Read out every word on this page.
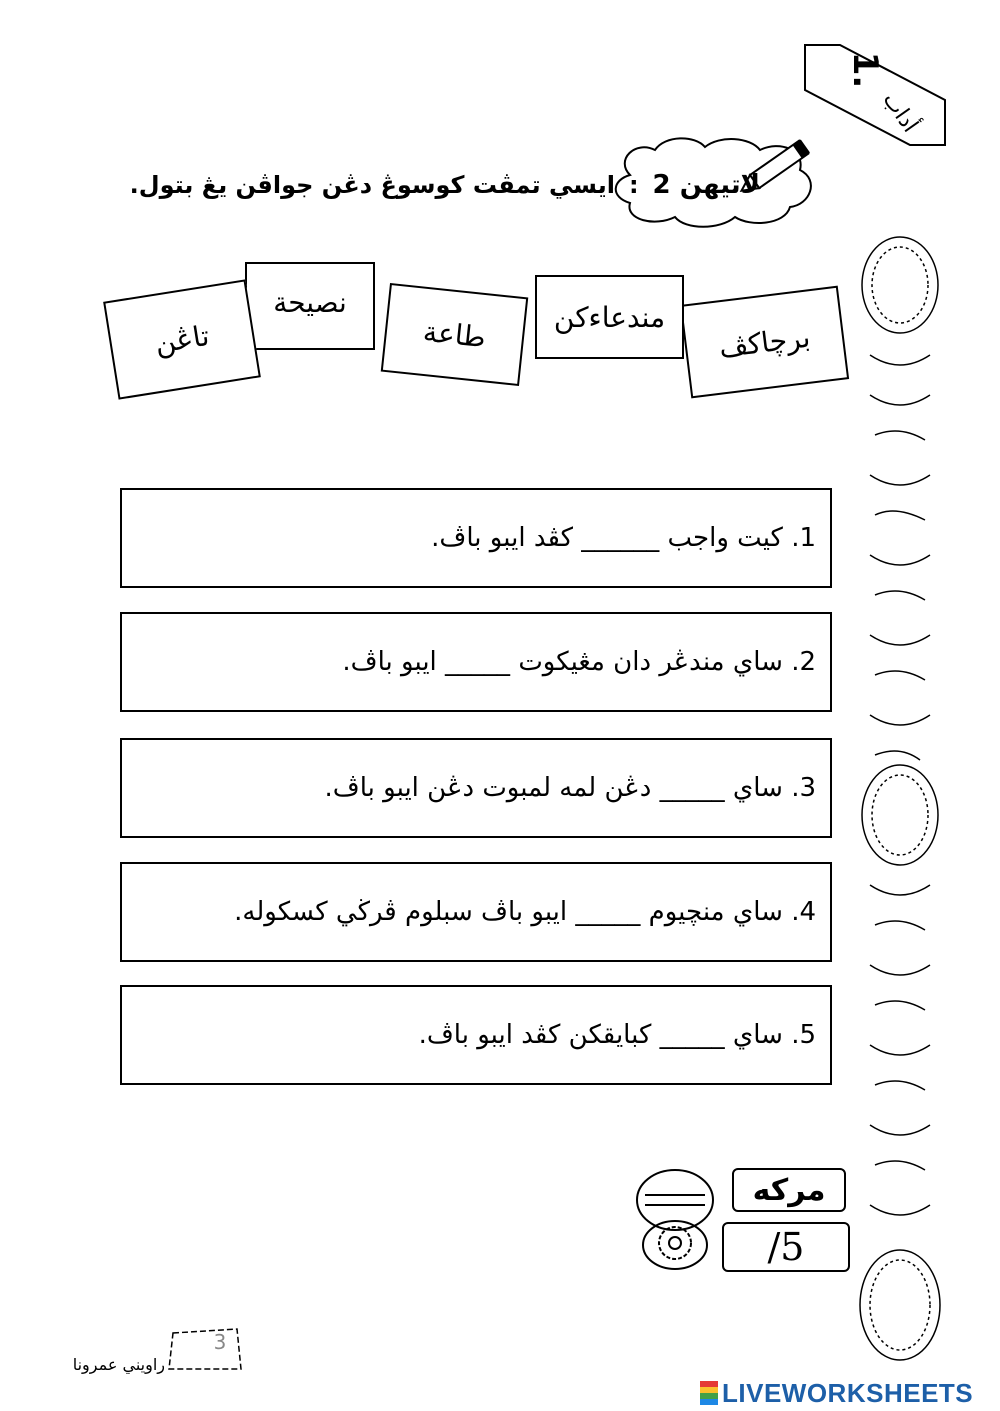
1.
أداب
لاتيهن 2
:
ايسي تمڤت كوسوڠ دڠن جواڤن يڠ بتول.
برچاكڤ
مندعاءكن
طاعة
نصيحة
تاڠن
1. كيت واجب ______ كڤد ايبو باڤ.
2. ساي مندڠر دان مڠيكوت _____ ايبو باڤ.
3. ساي _____ دڠن لمه لمبوت دڠن ايبو باڤ.
4. ساي منچيوم _____ ايبو باڤ سبلوم ڤرڬي كسكوله.
5. ساي _____ كبايقكن كڤد ايبو باڤ.
مركه
/5
3
راويني عمرونا
LIVEWORKSHEETS
